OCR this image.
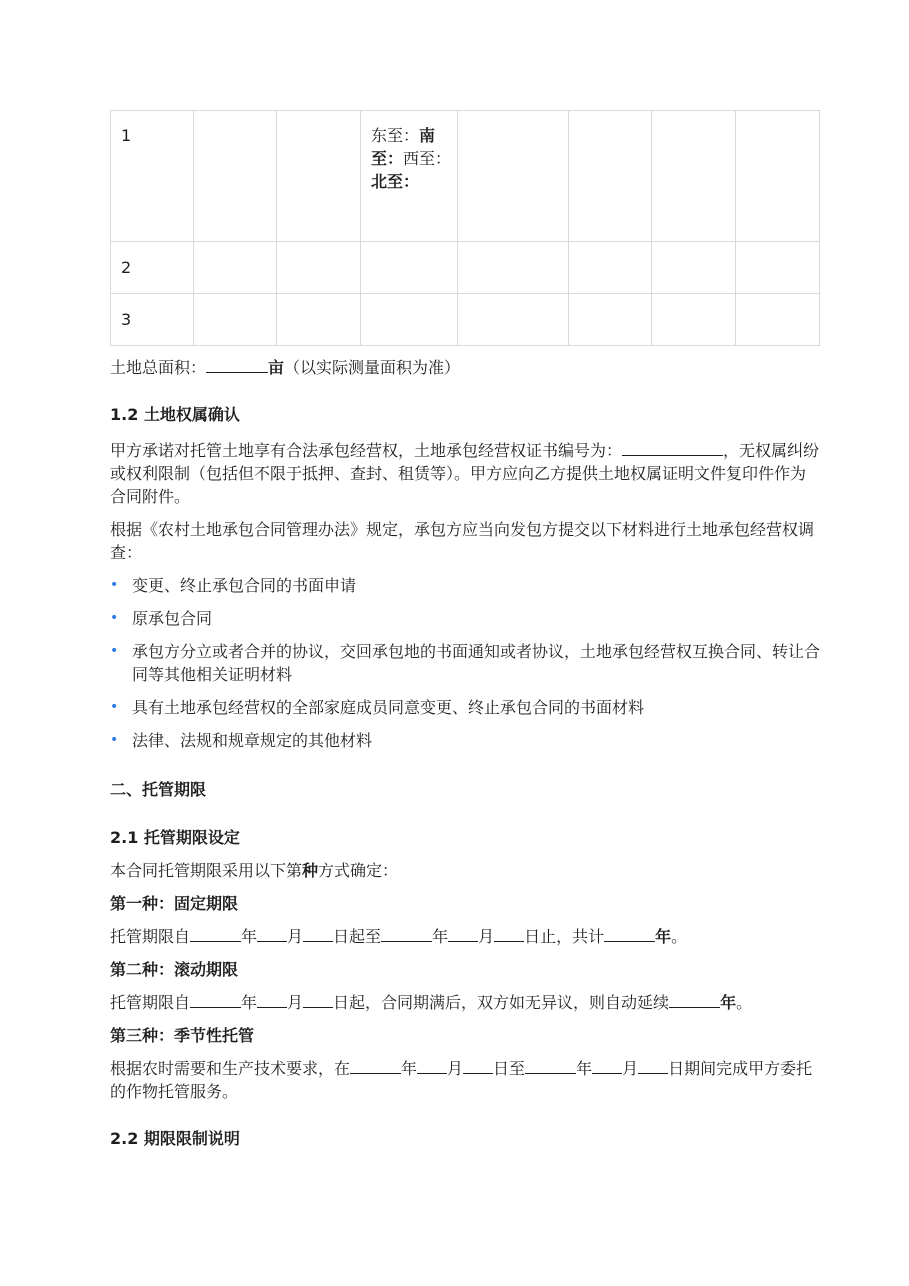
1			东至：南至：西至：北至：				
2							
3							

土地总面积：	亩（以实际测量面积为准）

1.2 土地权属确认

甲方承诺对托管土地享有合法承包经营权，土地承包经营权证书编号为：	，无权属纠纷或权利限制（包括但不限于抵押、查封、租赁等）。甲方应向乙方提供土地权属证明文件复印件作为合同附件。

根据《农村土地承包合同管理办法》规定，承包方应当向发包方提交以下材料进行土地承包经营权调查：

• 变更、终止承包合同的书面申请
• 原承包合同
• 承包方分立或者合并的协议，交回承包地的书面通知或者协议，土地承包经营权互换合同、转让合同等其他相关证明材料
• 具有土地承包经营权的全部家庭成员同意变更、终止承包合同的书面材料
• 法律、法规和规章规定的其他材料

二、托管期限

2.1 托管期限设定

本合同托管期限采用以下第种方式确定：

第一种：固定期限

托管期限自	年 月 日起至	年 月 日止，共计	年。

第二种：滚动期限

托管期限自	年 月 日起，合同期满后，双方如无异议，则自动延续	年。

第三种：季节性托管

根据农时需要和生产技术要求，在	年 月 日至	年 月 日期间完成甲方委托的作物托管服务。

2.2 期限限制说明
